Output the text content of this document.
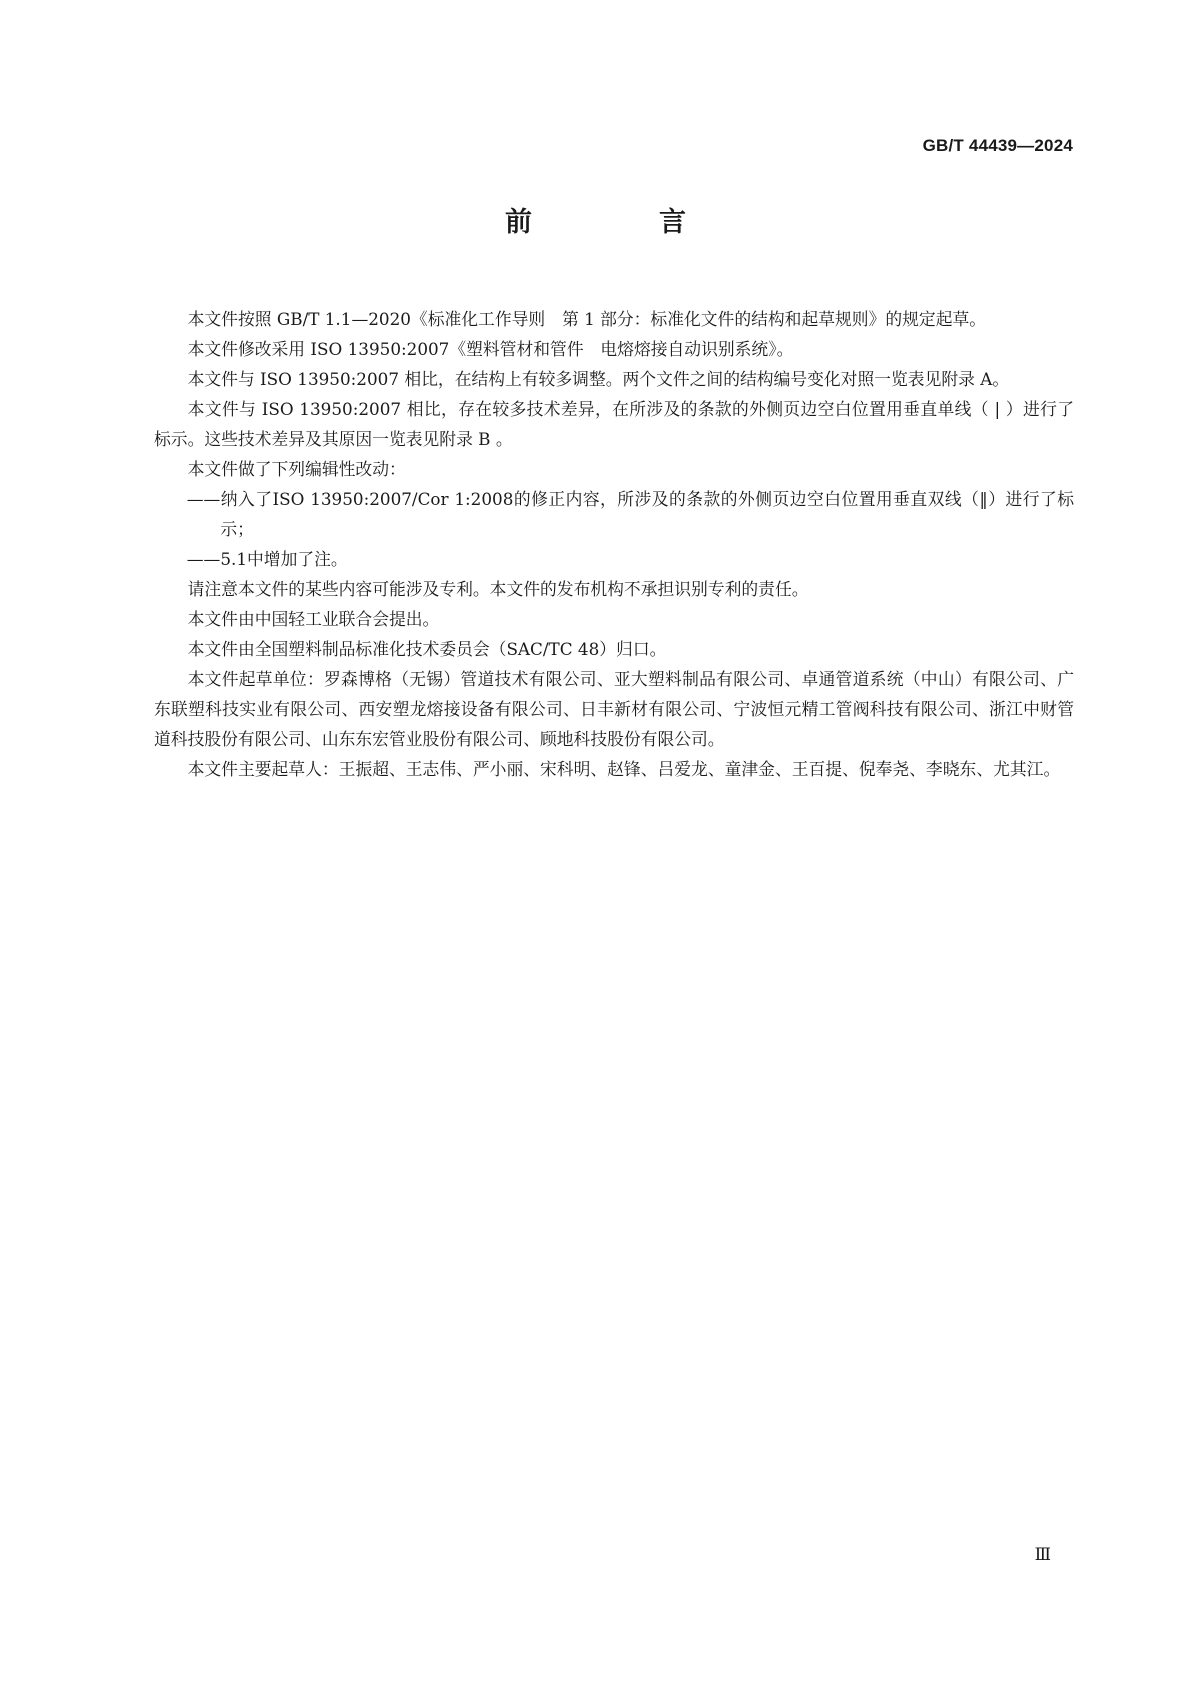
GB/T 44439—2024
前　言

本文件按照 GB/T 1.1—2020《标准化工作导则　第 1 部分：标准化文件的结构和起草规则》的规定起草。

本文件修改采用 ISO 13950:2007《塑料管材和管件　电熔熔接自动识别系统》。

本文件与 ISO 13950:2007 相比，在结构上有较多调整。两个文件之间的结构编号变化对照一览表见附录 A。

本文件与 ISO 13950:2007 相比，存在较多技术差异，在所涉及的条款的外侧页边空白位置用垂直单线（ | ）进行了标示。这些技术差异及其原因一览表见附录 B 。

本文件做了下列编辑性改动：

——纳入了ISO 13950:2007/Cor 1:2008的修正内容，所涉及的条款的外侧页边空白位置用垂直双线（‖）进行了标示；

——5.1中增加了注。

请注意本文件的某些内容可能涉及专利。本文件的发布机构不承担识别专利的责任。

本文件由中国轻工业联合会提出。

本文件由全国塑料制品标准化技术委员会（SAC/TC 48）归口。

本文件起草单位：罗森博格（无锡）管道技术有限公司、亚大塑料制品有限公司、卓通管道系统（中山）有限公司、广东联塑科技实业有限公司、西安塑龙熔接设备有限公司、日丰新材有限公司、宁波恒元精工管阀科技有限公司、浙江中财管道科技股份有限公司、山东东宏管业股份有限公司、顾地科技股份有限公司。

本文件主要起草人：王振超、王志伟、严小丽、宋科明、赵锋、吕爱龙、童津金、王百提、倪奉尧、李晓东、尤其江。

Ⅲ
